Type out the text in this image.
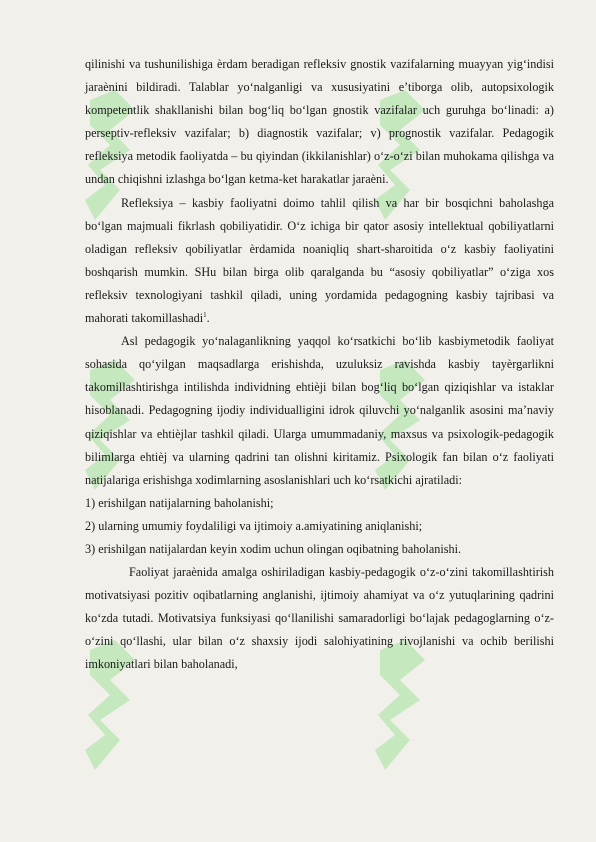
qilinishi va tushunilishiga èrdam beradigan refleksiv gnostik vazifalarning muayyan yig‘indisi jaraènini bildiradi. Talablar yo‘nalganligi va xususiyatini e’tiborga olib, autopsixologik kompetentlik shakllanishi bilan bog‘liq bo‘lgan gnostik vazifalar uch guruhga bo‘linadi: a) perseptiv-refleksiv vazifalar; b) diagnostik vazifalar; v) prognostik vazifalar. Pedagogik refleksiya metodik faoliyatda – bu qiyindan (ikkilanishlar) o‘z-o‘zi bilan muhokama qilishga va undan chiqishni izlashga bo‘lgan ketma-ket harakatlar jaraèni.

Refleksiya – kasbiy faoliyatni doimo tahlil qilish va har bir bosqichni baholashga bo‘lgan majmuali fikrlash qobiliyatidir. O‘z ichiga bir qator asosiy intellektual qobiliyatlarni oladigan refleksiv qobiliyatlar èrdamida noaniqliq shart-sharoitida o‘z kasbiy faoliyatini boshqarish mumkin. SHu bilan birga olib qaralganda bu “asosiy qobiliyatlar” o‘ziga xos refleksiv texnologiyani tashkil qiladi, uning yordamida pedagogning kasbiy tajribasi va mahorati takomillashadi$^1$.

Asl pedagogik yo‘nalaganlikning yaqqol ko‘rsatkichi bo‘lib kasbiymetodik faoliyat sohasida qo‘yilgan maqsadlarga erishishda, uzuluksiz ravishda kasbiy tayèrgarlikni takomillashtirishga intilishda individning ehtièji bilan bog‘liq bo‘lgan qiziqishlar va istaklar hisoblanadi. Pedagogning ijodiy individualligini idrok qiluvchi yo‘nalganlik asosini ma’naviy qiziqishlar va ehtièjlar tashkil qiladi. Ularga umummadaniy, maxsus va psixologik-pedagogik bilimlarga ehtièj va ularning qadrini tan olishni kiritamiz. Psixologik fan bilan o‘z faoliyati natijalariga erishishga xodimlarning asoslanishlari uch ko‘rsatkichi ajratiladi:

1) erishilgan natijalarning baholanishi;

2) ularning umumiy foydaliligi va ijtimoiy a.amiyatining aniqlanishi;

3) erishilgan natijalardan keyin xodim uchun olingan oqibatning baholanishi.

Faoliyat jaraènida amalga oshiriladigan kasbiy-pedagogik o‘z-o‘zini takomillashtirish motivatsiyasi pozitiv oqibatlarning anglanishi, ijtimoiy ahamiyat va o‘z yutuqlarining qadrini ko‘zda tutadi. Motivatsiya funksiyasi qo‘llanilishi samaradorligi bo‘lajak pedagoglarning o‘z-o‘zini qo‘llashi, ular bilan o‘z shaxsiy ijodi salohiyatining rivojlanishi va ochib berilishi imkoniyatlari bilan baholanadi,
